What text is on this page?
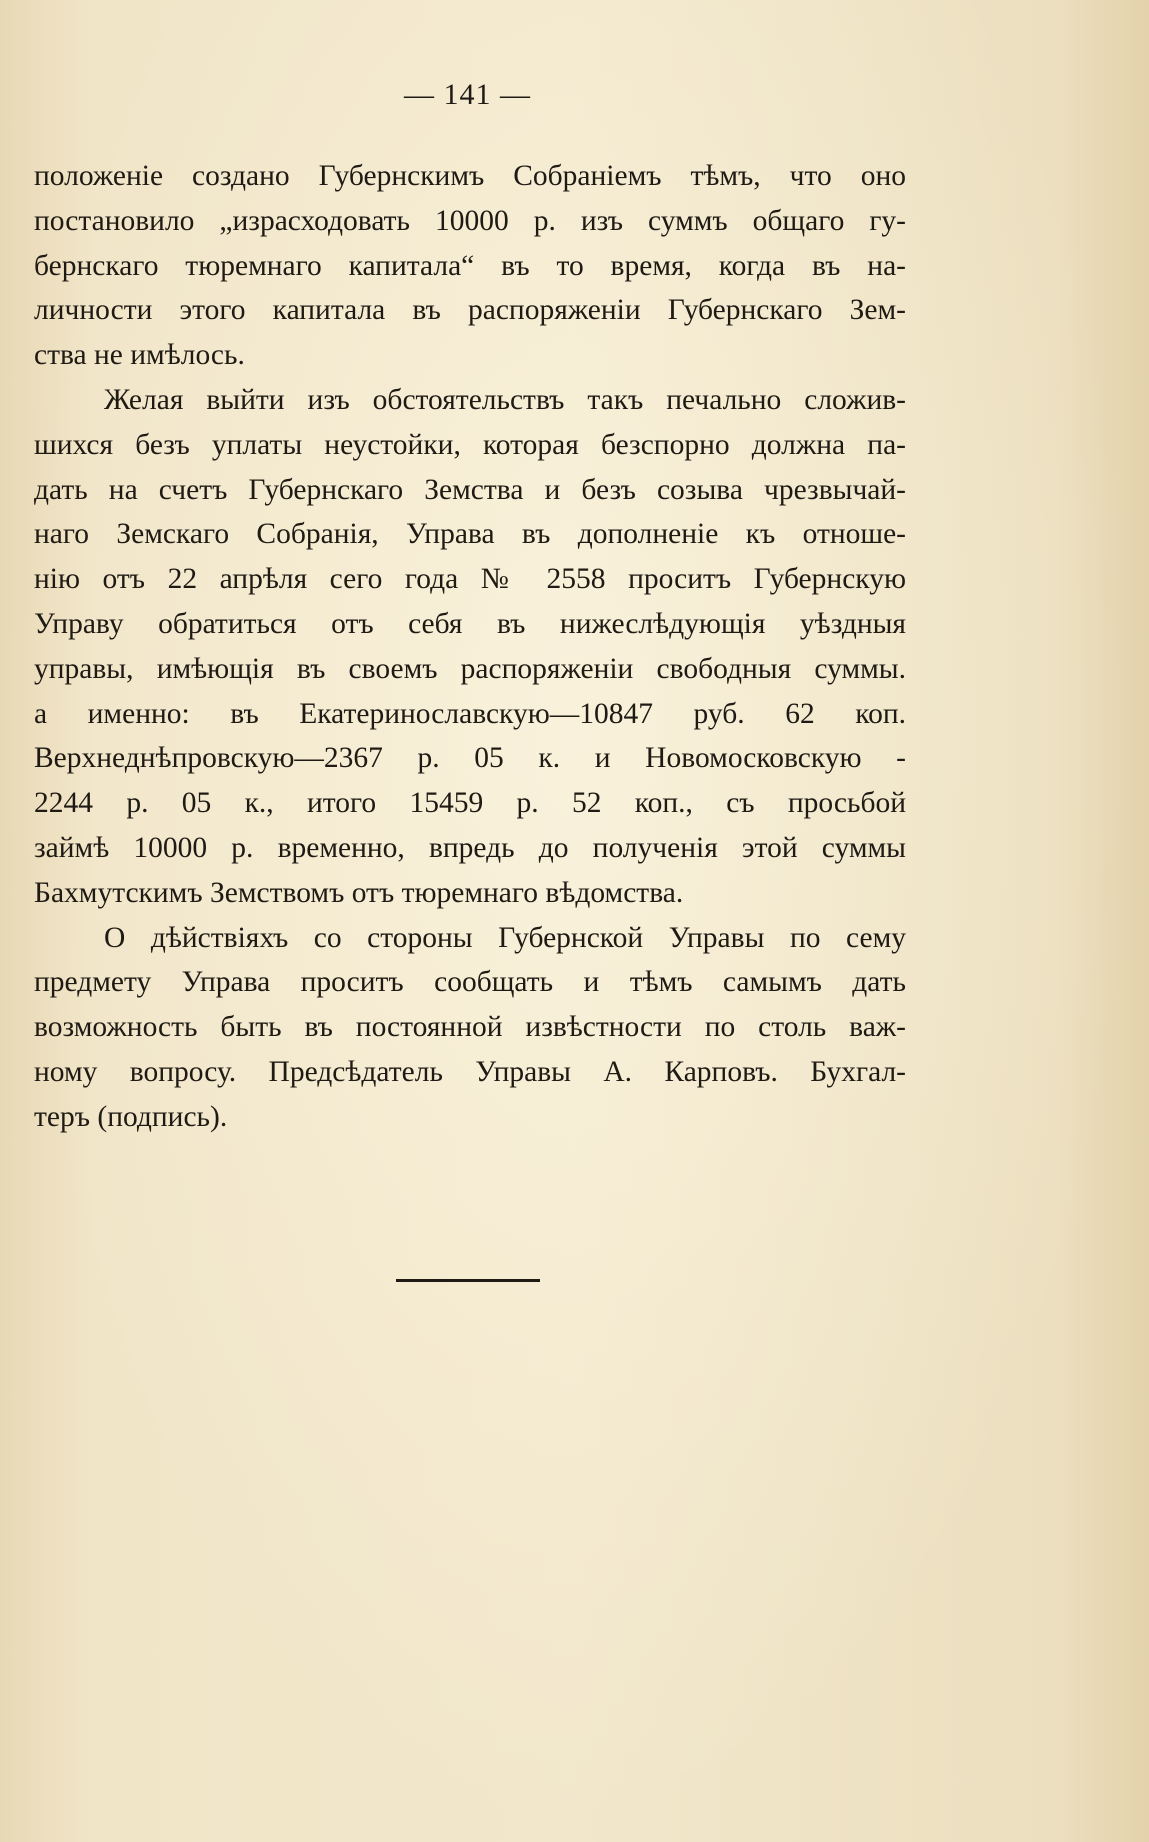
— 141 —
положеніе создано Губернскимъ Собраніемъ тѣмъ, что оно
постановило „израсходовать 10000 р. изъ суммъ общаго гу-
бернскаго тюремнаго капитала“ въ то время, когда въ на-
личности этого капитала въ распоряженіи Губернскаго Зем-
ства не имѣлось.
Желая выйти изъ обстоятельствъ такъ печально сложив-
шихся безъ уплаты неустойки, которая безспорно должна па-
дать на счетъ Губернскаго Земства и безъ созыва чрезвычай-
наго Земскаго Собранія, Управа въ дополненіе къ отноше-
нію отъ 22 апрѣля сего года № 2558 проситъ Губернскую
Управу обратиться отъ себя въ нижеслѣдующія уѣздныя
управы, имѣющія въ своемъ распоряженіи свободныя суммы.
а именно: въ Екатеринославскую—10847 руб. 62 коп.
Верхнеднѣпровскую—2367 р. 05 к. и Новомосковскую -
2244 р. 05 к., итого 15459 р. 52 коп., съ просьбой
займѣ 10000 р. временно, впредь до полученія этой суммы
Бахмутскимъ Земствомъ отъ тюремнаго вѣдомства.
О дѣйствіяхъ со стороны Губернской Управы по сему
предмету Управа проситъ сообщать и тѣмъ самымъ дать
возможность быть въ постоянной извѣстности по столь важ-
ному вопросу. Предсѣдатель Управы А. Карповъ. Бухгал-
теръ (подпись).
